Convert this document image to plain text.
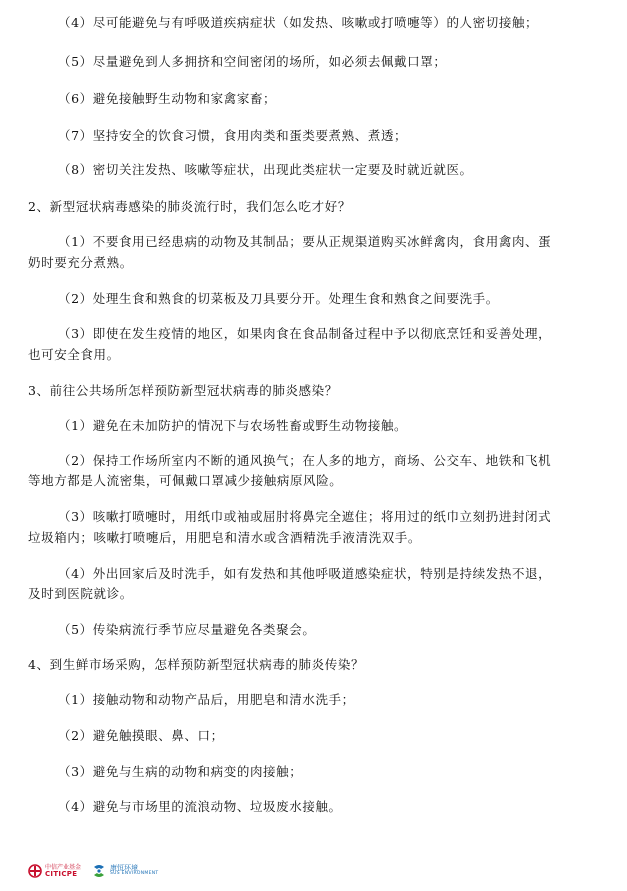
（4）尽可能避免与有呼吸道疾病症状（如发热、咳嗽或打喷嚏等）的人密切接触；
（5）尽量避免到人多拥挤和空间密闭的场所，如必须去佩戴口罩；
（6）避免接触野生动物和家禽家畜；
（7）坚持安全的饮食习惯，食用肉类和蛋类要煮熟、煮透；
（8）密切关注发热、咳嗽等症状，出现此类症状一定要及时就近就医。
2、新型冠状病毒感染的肺炎流行时，我们怎么吃才好？
（1）不要食用已经患病的动物及其制品；要从正规渠道购买冰鲜禽肉，食用禽肉、蛋
奶时要充分煮熟。
（2）处理生食和熟食的切菜板及刀具要分开。处理生食和熟食之间要洗手。
（3）即使在发生疫情的地区，如果肉食在食品制备过程中予以彻底烹饪和妥善处理，
也可安全食用。
3、前往公共场所怎样预防新型冠状病毒的肺炎感染？
（1）避免在未加防护的情况下与农场牲畜或野生动物接触。
（2）保持工作场所室内不断的通风换气；在人多的地方，商场、公交车、地铁和飞机
等地方都是人流密集，可佩戴口罩减少接触病原风险。
（3）咳嗽打喷嚏时，用纸巾或袖或屈肘将鼻完全遮住；将用过的纸巾立刻扔进封闭式
垃圾箱内；咳嗽打喷嚏后，用肥皂和清水或含酒精洗手液清洗双手。
（4）外出回家后及时洗手，如有发热和其他呼吸道感染症状，特别是持续发热不退，
及时到医院就诊。
（5）传染病流行季节应尽量避免各类聚会。
4、到生鲜市场采购，怎样预防新型冠状病毒的肺炎传染？
（1）接触动物和动物产品后，用肥皂和清水洗手；
（2）避免触摸眼、鼻、口；
（3）避免与生病的动物和病变的肉接触；
（4）避免与市场里的流浪动物、垃圾废水接触。
中信产业基金
CITICPE
康恒环境
SUS ENVIRONMENT
